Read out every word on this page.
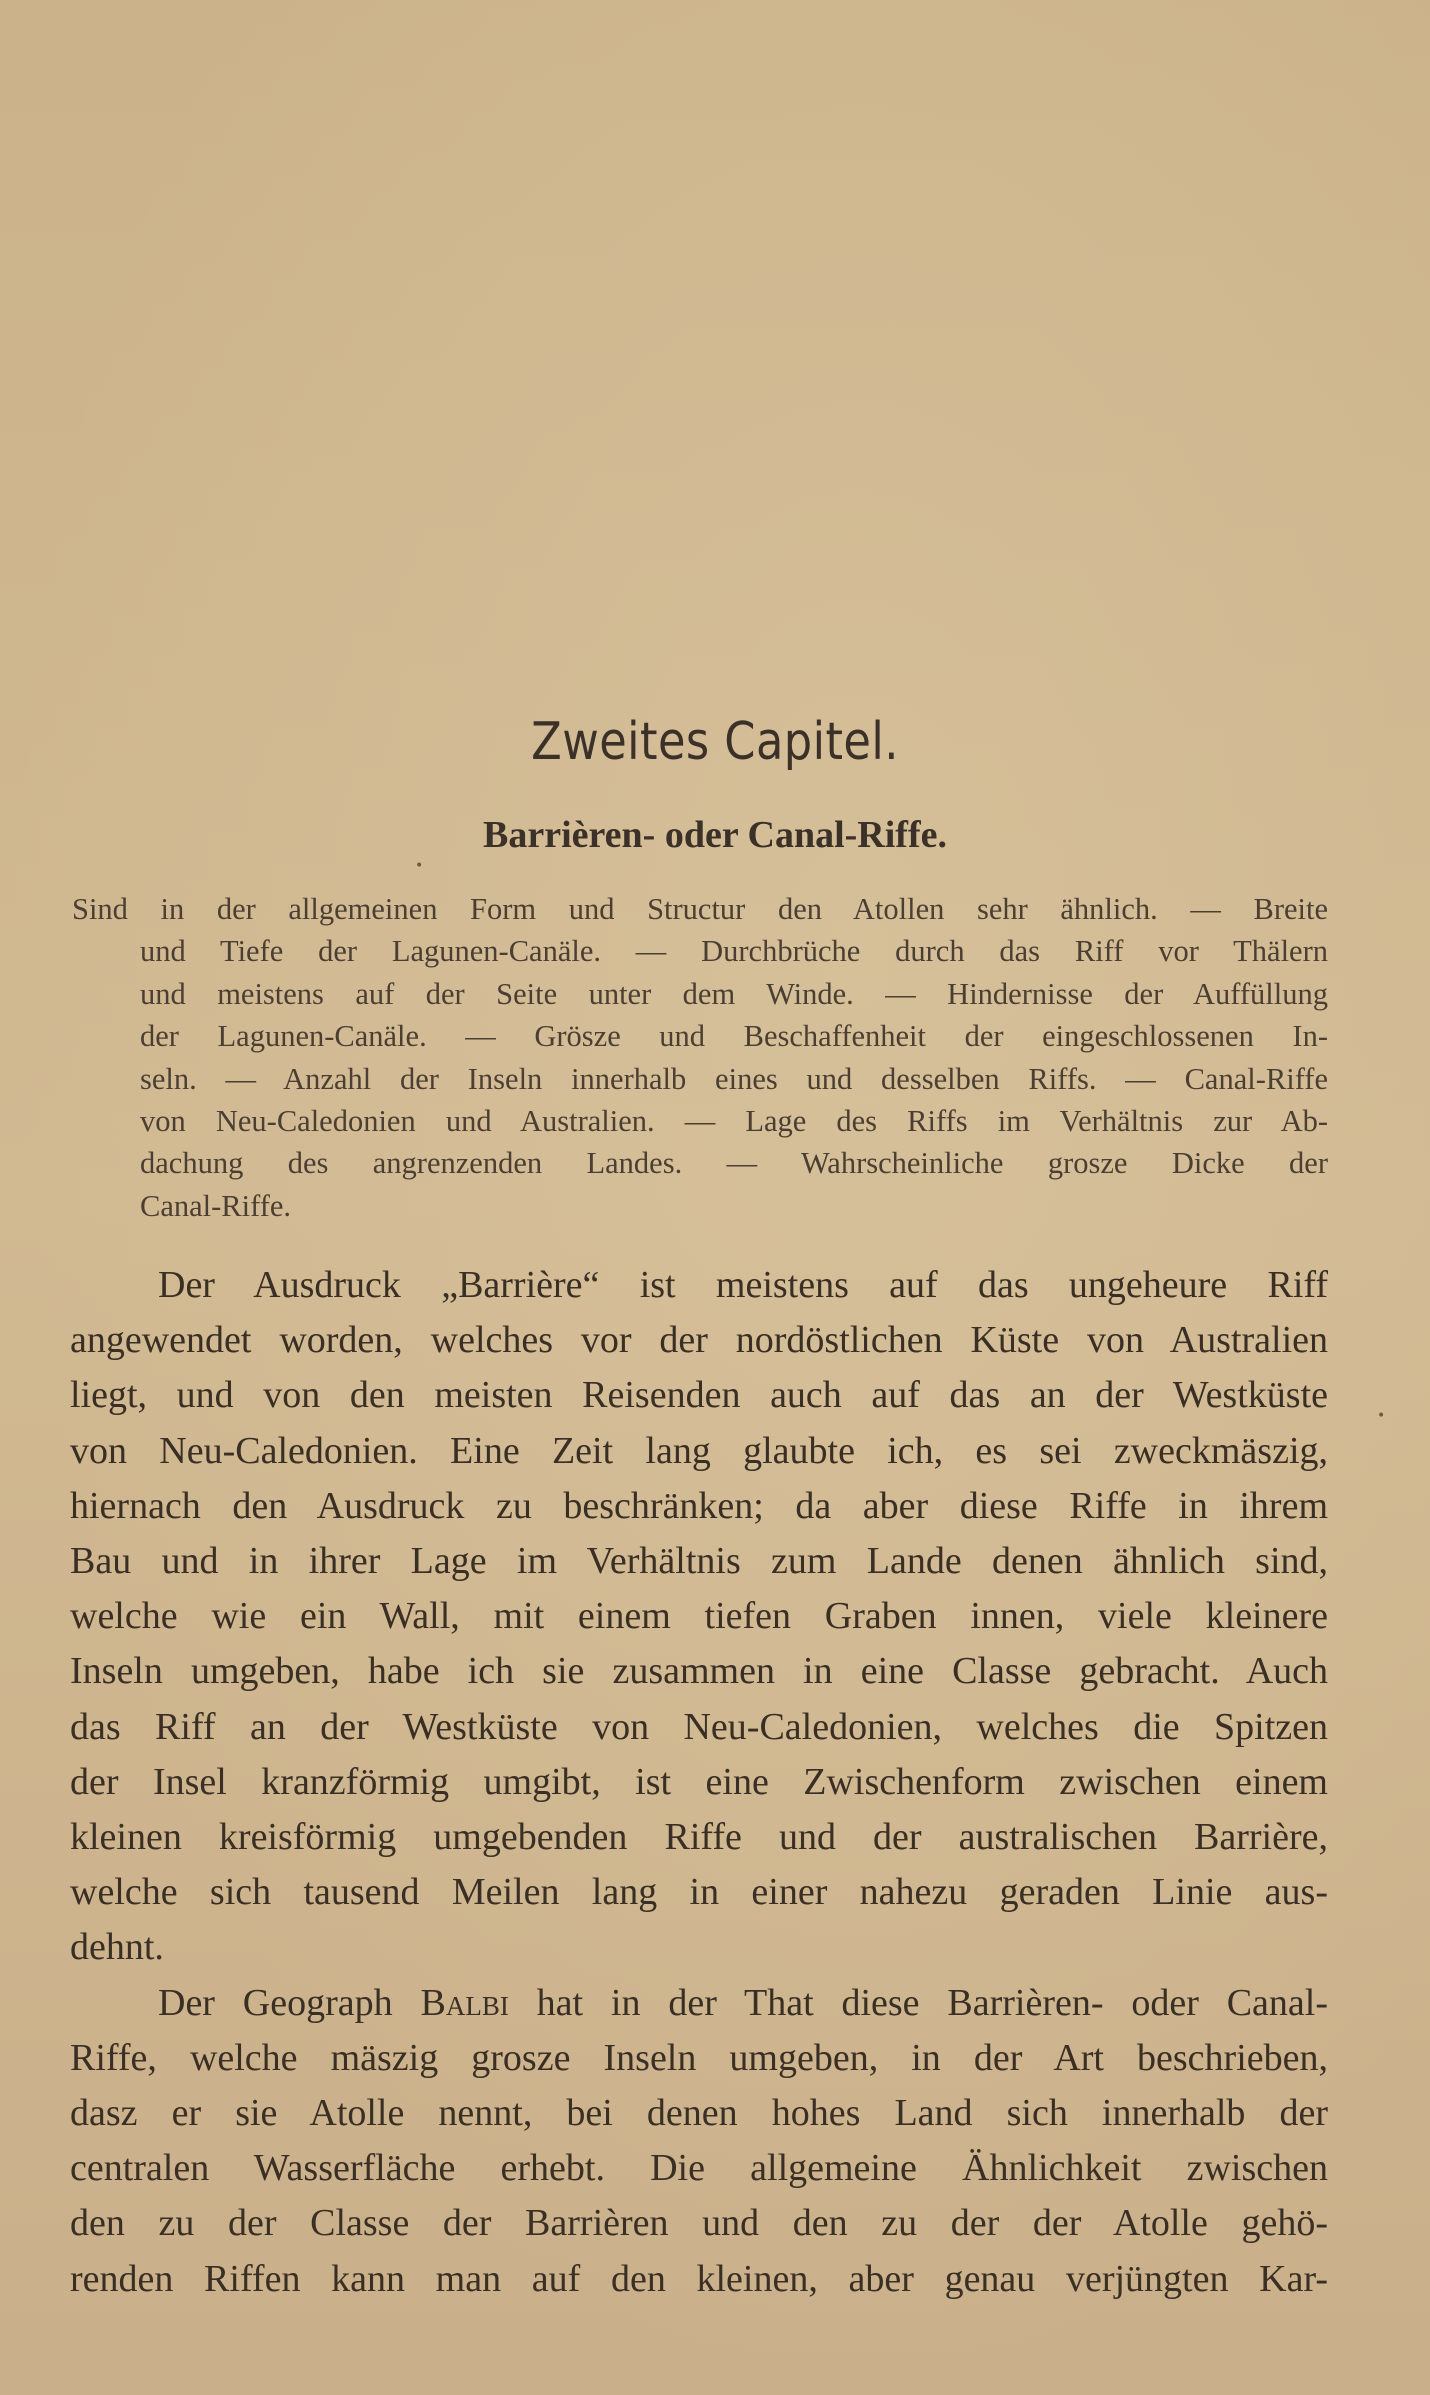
Zweites Capitel.
Barrièren- oder Canal-Riffe.
•
•
Sind in der allgemeinen Form und Structur den Atollen sehr ähnlich. — Breite
und Tiefe der Lagunen-Canäle. — Durchbrüche durch das Riff vor Thälern
und meistens auf der Seite unter dem Winde. — Hindernisse der Auffüllung
der Lagunen-Canäle. — Grösze und Beschaffenheit der eingeschlossenen In-
seln. — Anzahl der Inseln innerhalb eines und desselben Riffs. — Canal-Riffe
von Neu-Caledonien und Australien. — Lage des Riffs im Verhältnis zur Ab-
dachung des angrenzenden Landes. — Wahrscheinliche grosze Dicke der
Canal-Riffe.
Der Ausdruck „Barrière“ ist meistens auf das ungeheure Riff
angewendet worden, welches vor der nordöstlichen Küste von Australien
liegt, und von den meisten Reisenden auch auf das an der Westküste
von Neu-Caledonien. Eine Zeit lang glaubte ich, es sei zweckmäszig,
hiernach den Ausdruck zu beschränken; da aber diese Riffe in ihrem
Bau und in ihrer Lage im Verhältnis zum Lande denen ähnlich sind,
welche wie ein Wall, mit einem tiefen Graben innen, viele kleinere
Inseln umgeben, habe ich sie zusammen in eine Classe gebracht. Auch
das Riff an der Westküste von Neu-Caledonien, welches die Spitzen
der Insel kranzförmig umgibt, ist eine Zwischenform zwischen einem
kleinen kreisförmig umgebenden Riffe und der australischen Barrière,
welche sich tausend Meilen lang in einer nahezu geraden Linie aus-
dehnt.
Der Geograph Balbi hat in der That diese Barrièren- oder Canal-
Riffe, welche mäszig grosze Inseln umgeben, in der Art beschrieben,
dasz er sie Atolle nennt, bei denen hohes Land sich innerhalb der
centralen Wasserfläche erhebt. Die allgemeine Ähnlichkeit zwischen
den zu der Classe der Barrièren und den zu der der Atolle gehö-
renden Riffen kann man auf den kleinen, aber genau verjüngten Kar-
